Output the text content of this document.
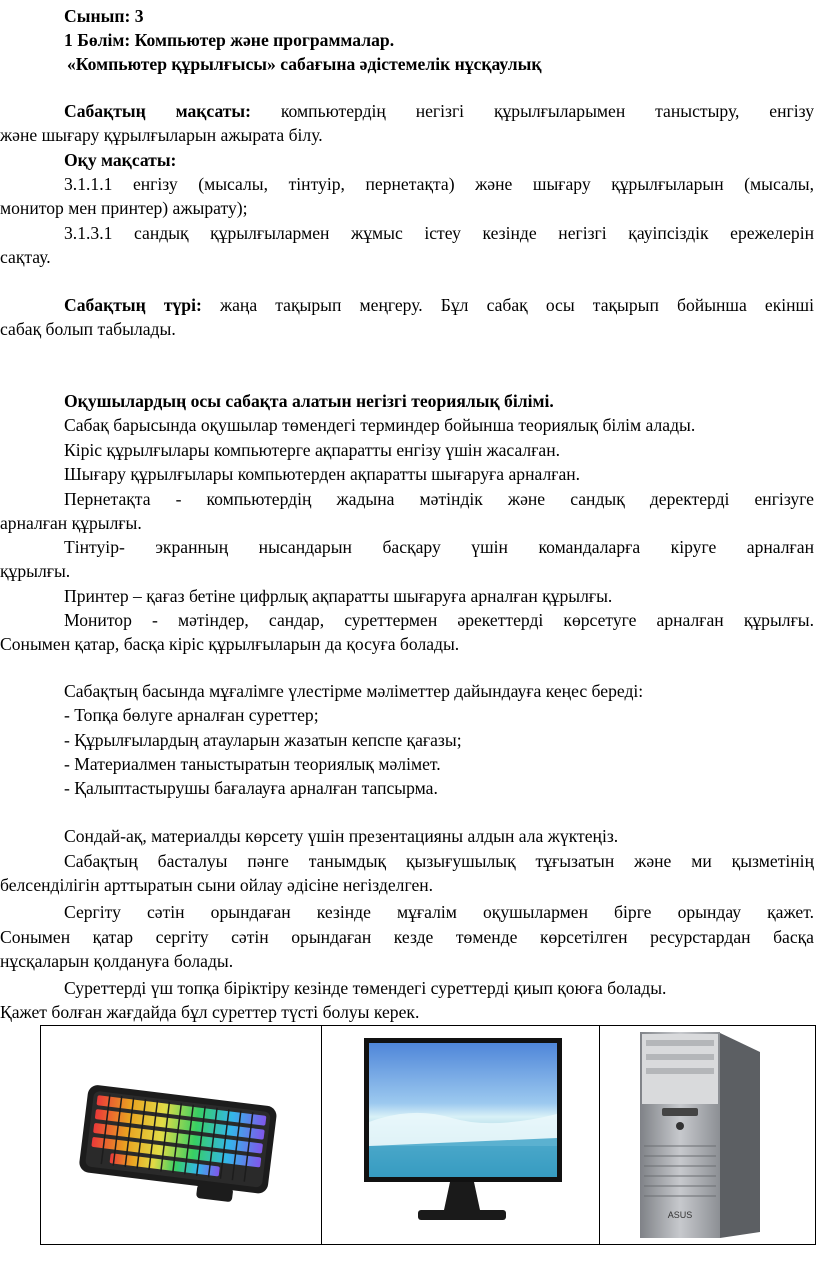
Сынып: 3
1 Бөлім: Компьютер және программалар.
«Компьютер құрылғысы» сабағына әдістемелік нұсқаулық
Сабақтың мақсаты: компьютердің негізгі құрылғыларымен таныстыру, енгізу
және шығару құрылғыларын ажырата білу.
Оқу мақсаты:
3.1.1.1 енгізу (мысалы, тінтуір, пернетақта) және шығару құрылғыларын (мысалы,
монитор мен принтер) ажырату);
3.1.3.1 сандық құрылғылармен жұмыс істеу кезінде негізгі қауіпсіздік ережелерін
сақтау.
Сабақтың түрі: жаңа тақырып меңгеру. Бұл сабақ осы тақырып бойынша екінші
сабақ болып табылады.
Оқушылардың осы сабақта алатын негізгі теориялық білімі.
Сабақ барысында оқушылар төмендегі терминдер бойынша теориялық білім алады.
Кіріс құрылғылары компьютерге ақпаратты енгізу үшін жасалған.
Шығару құрылғылары компьютерден ақпаратты шығаруға арналған.
Пернетақта - компьютердің жадына мәтіндік және сандық деректерді енгізуге
арналған құрылғы.
Тінтуір- экранның нысандарын басқару үшін командаларға кіруге арналған
құрылғы.
Принтер – қағаз бетіне цифрлық ақпаратты шығаруға арналған құрылғы.
Монитор - мәтіндер, сандар, суреттермен әрекеттерді көрсетуге арналған құрылғы.
Сонымен қатар, басқа кіріс құрылғыларын да қосуға болады.
Сабақтың басында мұғалімге үлестірме мәліметтер дайындауға кеңес береді:
- Топқа бөлуге арналған суреттер;
- Құрылғылардың атауларын жазатын кепспе қағазы;
- Материалмен таныстыратын теориялық мәлімет.
- Қалыптастырушы бағалауға арналған тапсырма.
Сондай-ақ, материалды көрсету үшін презентацияны алдын ала жүктеңіз.
Сабақтың басталуы пәнге танымдық қызығушылық тұғызатын және ми қызметінің
белсенділігін арттыратын сыни ойлау әдісіне негізделген.
Сергіту сәтін орындаған кезінде мұғалім оқушылармен бірге орындау қажет.
Сонымен қатар сергіту сәтін орындаған кезде төменде көрсетілген ресурстардан басқа
нұсқаларын қолдануға болады.
Суреттерді үш топқа біріктіру кезінде төмендегі суреттерді қиып қоюға болады.
Қажет болған жағдайда бұл суреттер түсті болуы керек.
ASUS
